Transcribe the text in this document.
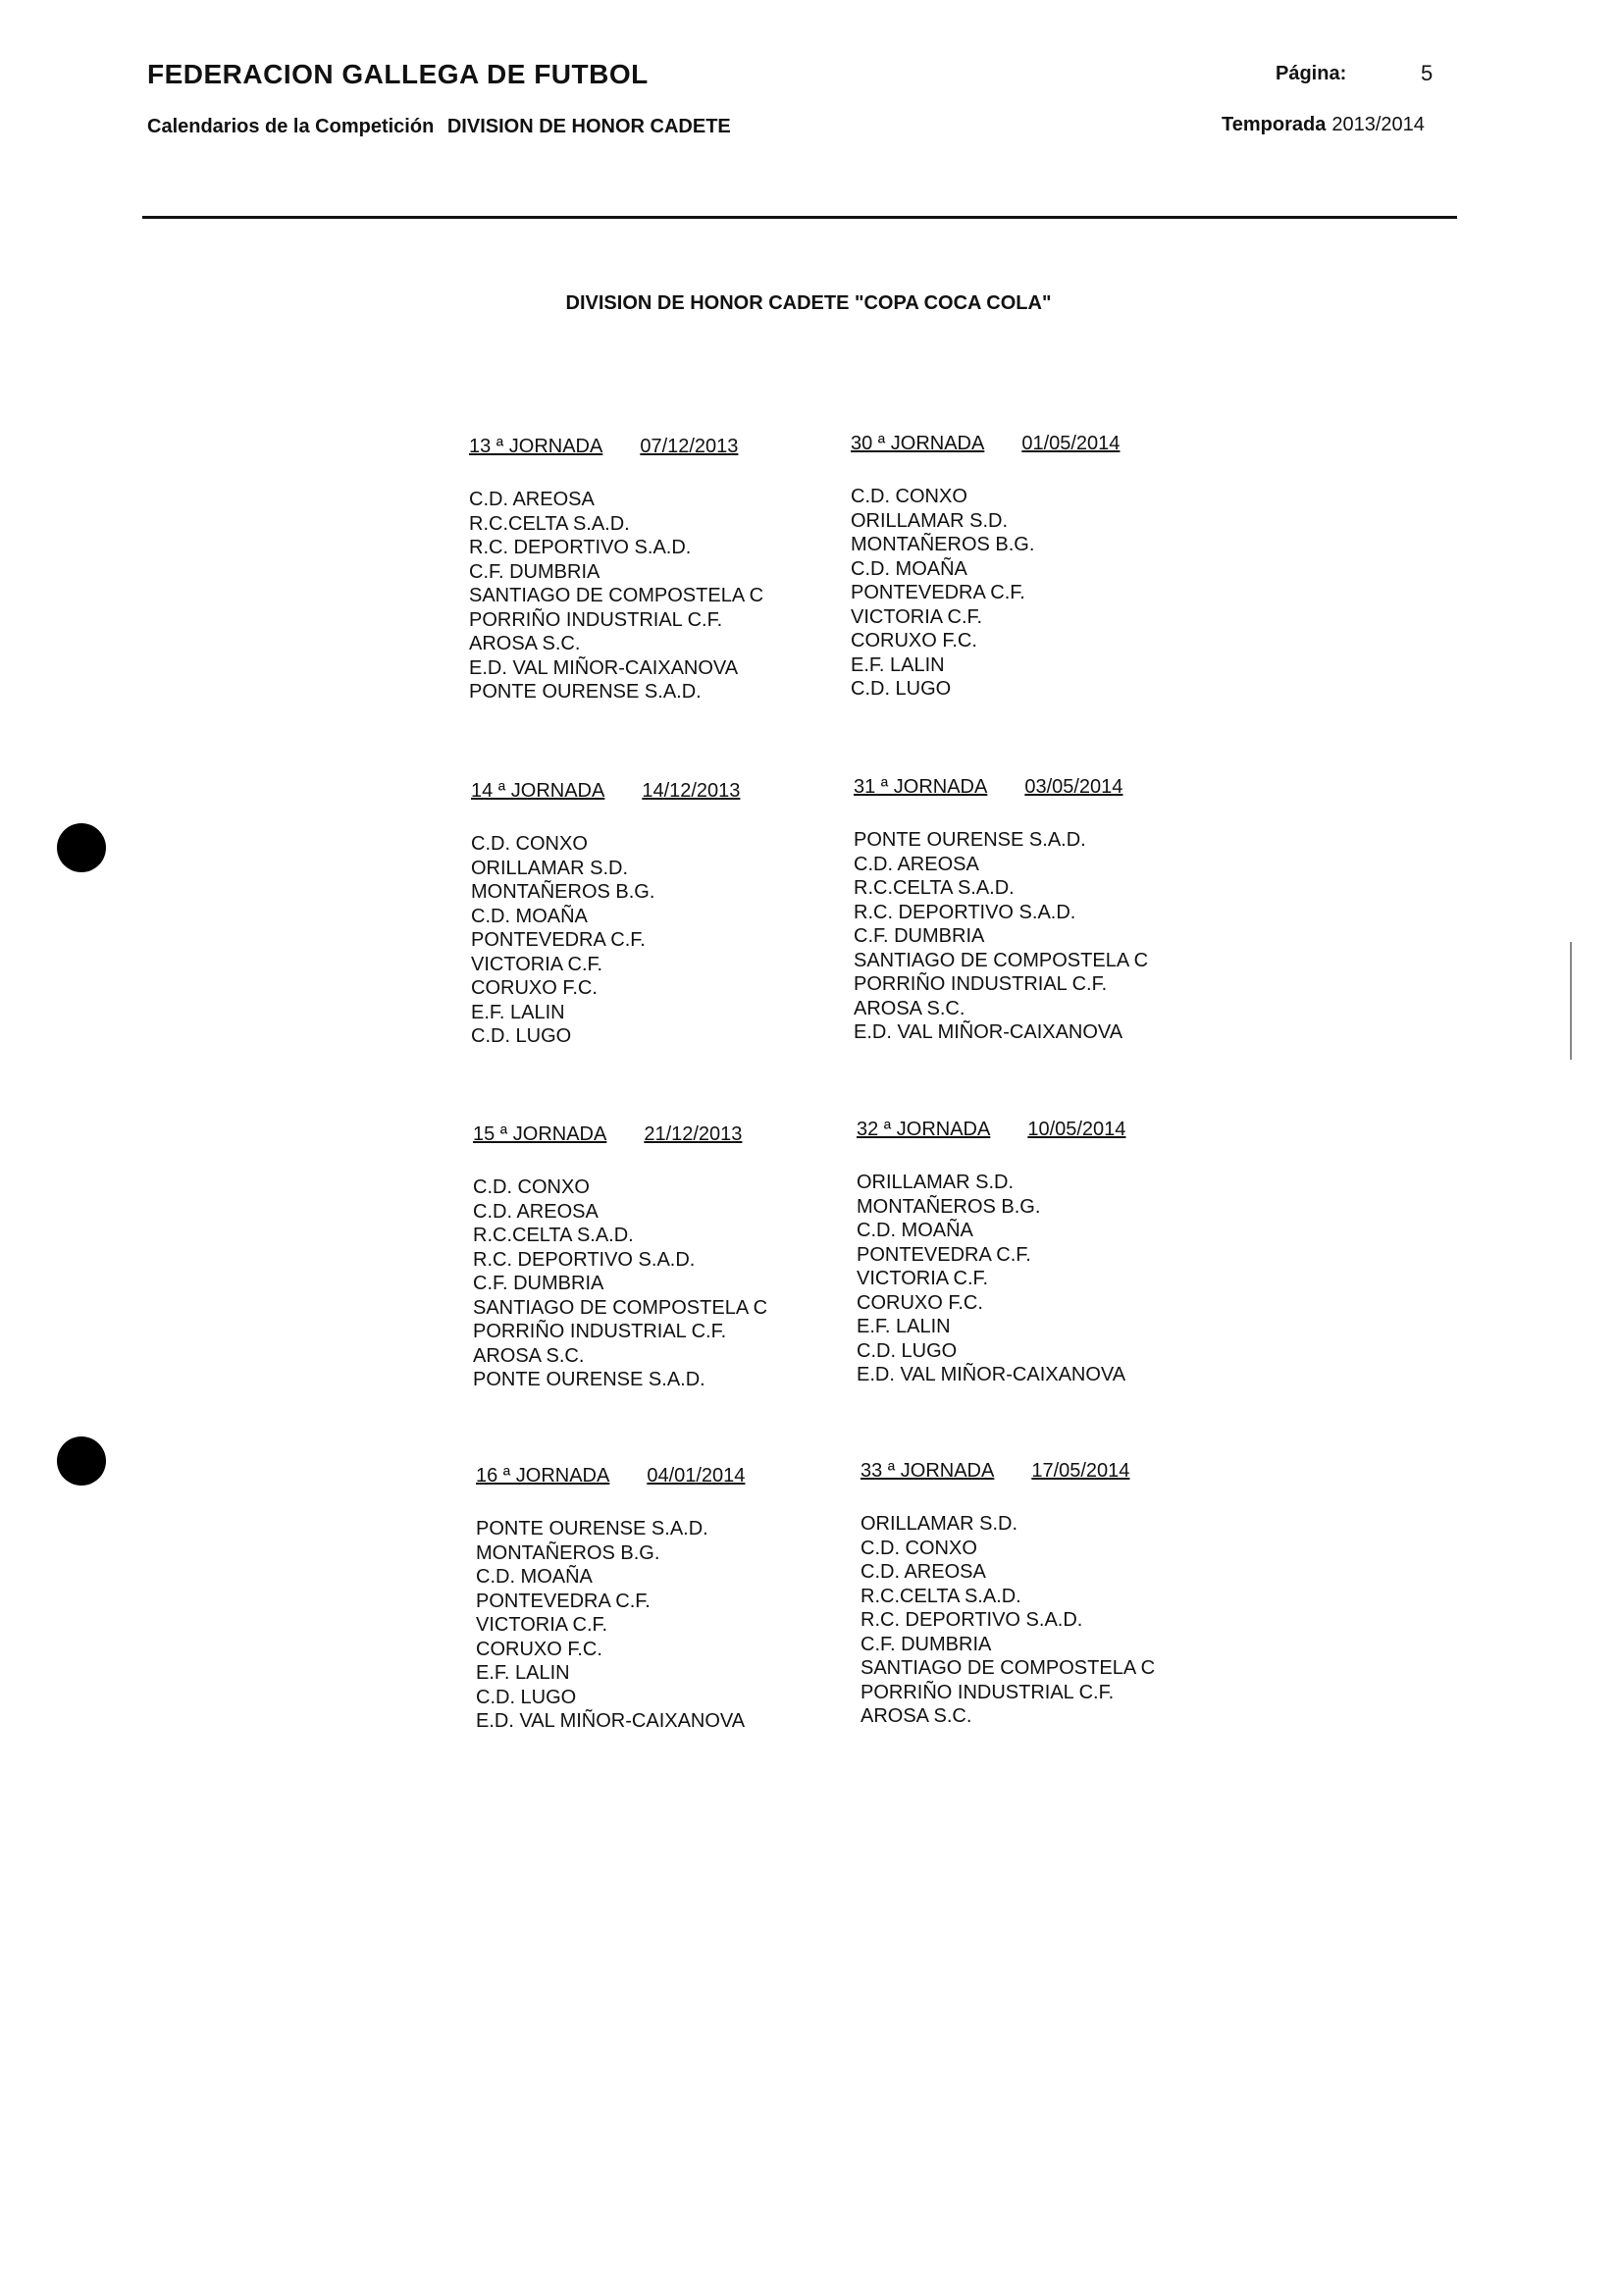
FEDERACION GALLEGA DE FUTBOL	Página:	5
Calendarios de la Competición DIVISION DE HONOR CADETE	Temporada 2013/2014
DIVISION DE HONOR CADETE "COPA COCA COLA"
13 ª JORNADA 07/12/2013
C.D. AREOSA
R.C.CELTA S.A.D.
R.C. DEPORTIVO S.A.D.
C.F. DUMBRIA
SANTIAGO DE COMPOSTELA C
PORRIÑO INDUSTRIAL C.F.
AROSA S.C.
E.D. VAL MIÑOR-CAIXANOVA
PONTE OURENSE S.A.D.
30 ª JORNADA 01/05/2014
C.D. CONXO
ORILLAMAR S.D.
MONTAÑEROS B.G.
C.D. MOAÑA
PONTEVEDRA C.F.
VICTORIA C.F.
CORUXO F.C.
E.F. LALIN
C.D. LUGO
14 ª JORNADA 14/12/2013
C.D. CONXO
ORILLAMAR S.D.
MONTAÑEROS B.G.
C.D. MOAÑA
PONTEVEDRA C.F.
VICTORIA C.F.
CORUXO F.C.
E.F. LALIN
C.D. LUGO
31 ª JORNADA 03/05/2014
PONTE OURENSE S.A.D.
C.D. AREOSA
R.C.CELTA S.A.D.
R.C. DEPORTIVO S.A.D.
C.F. DUMBRIA
SANTIAGO DE COMPOSTELA C
PORRIÑO INDUSTRIAL C.F.
AROSA S.C.
E.D. VAL MIÑOR-CAIXANOVA
15 ª JORNADA 21/12/2013
C.D. CONXO
C.D. AREOSA
R.C.CELTA S.A.D.
R.C. DEPORTIVO S.A.D.
C.F. DUMBRIA
SANTIAGO DE COMPOSTELA C
PORRIÑO INDUSTRIAL C.F.
AROSA S.C.
PONTE OURENSE S.A.D.
32 ª JORNADA 10/05/2014
ORILLAMAR S.D.
MONTAÑEROS B.G.
C.D. MOAÑA
PONTEVEDRA C.F.
VICTORIA C.F.
CORUXO F.C.
E.F. LALIN
C.D. LUGO
E.D. VAL MIÑOR-CAIXANOVA
16 ª JORNADA 04/01/2014
PONTE OURENSE S.A.D.
MONTAÑEROS B.G.
C.D. MOAÑA
PONTEVEDRA C.F.
VICTORIA C.F.
CORUXO F.C.
E.F. LALIN
C.D. LUGO
E.D. VAL MIÑOR-CAIXANOVA
33 ª JORNADA 17/05/2014
ORILLAMAR S.D.
C.D. CONXO
C.D. AREOSA
R.C.CELTA S.A.D.
R.C. DEPORTIVO S.A.D.
C.F. DUMBRIA
SANTIAGO DE COMPOSTELA C
PORRIÑO INDUSTRIAL C.F.
AROSA S.C.
